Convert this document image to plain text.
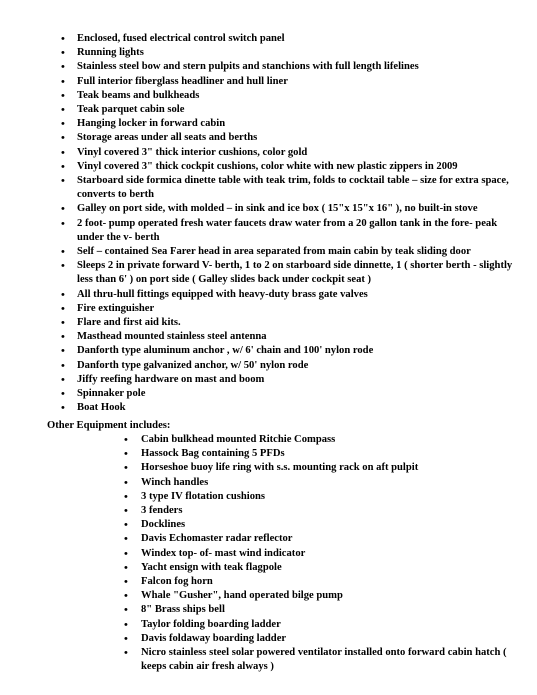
• Enclosed, fused electrical control switch panel
• Running lights
• Stainless steel bow and stern pulpits and stanchions with full length lifelines
• Full interior fiberglass headliner and hull liner
• Teak beams and bulkheads
• Teak parquet cabin sole
• Hanging locker in forward cabin
• Storage areas under all seats and berths
• Vinyl covered 3" thick interior cushions, color gold
• Vinyl covered 3" thick cockpit cushions, color white with new plastic zippers in 2009
• Starboard side formica dinette table with teak trim, folds to cocktail table – size for extra space, converts to berth
• Galley on port side, with molded – in sink and ice box ( 15"x 15"x 16" ), no built-in stove
• 2 foot- pump operated fresh water faucets draw water from a 20 gallon tank in the fore- peak under the v- berth
• Self – contained Sea Farer head in area separated from main cabin by teak sliding door
• Sleeps 2 in private forward V- berth, 1 to 2 on starboard side dinnette, 1 ( shorter berth - slightly less than 6' ) on port side ( Galley slides back under cockpit seat )
• All thru-hull fittings equipped with heavy-duty brass gate valves
• Fire extinguisher
• Flare and first aid kits.
• Masthead mounted stainless steel antenna
• Danforth type aluminum anchor , w/ 6' chain and 100' nylon rode
• Danforth type galvanized anchor, w/ 50' nylon rode
• Jiffy reefing hardware on mast and boom
• Spinnaker pole
• Boat Hook
Other Equipment includes:
• Cabin bulkhead mounted Ritchie Compass
• Hassock Bag containing 5 PFDs
• Horseshoe buoy life ring with s.s. mounting rack on aft pulpit
• Winch handles
• 3 type IV flotation cushions
• 3 fenders
• Docklines
• Davis Echomaster radar reflector
• Windex top- of- mast wind indicator
• Yacht ensign with teak flagpole
• Falcon fog horn
• Whale "Gusher", hand operated bilge pump
• 8" Brass ships bell
• Taylor folding boarding ladder
• Davis foldaway boarding ladder
• Nicro stainless steel solar powered ventilator installed onto forward cabin hatch ( keeps cabin air fresh always )
